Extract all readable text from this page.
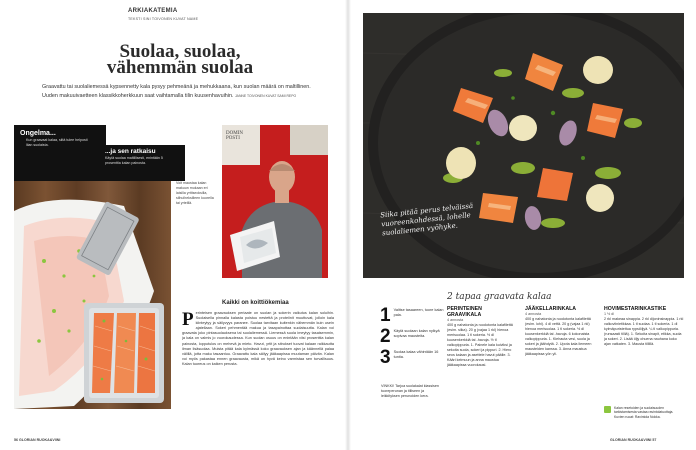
ARKIAKATEMIA
TEKSTI SINI TOIVONEN KUVAT NAME
Suolaa, suolaa,
vähemmän suolaa
Graavattu tai suolaliemessä kypsennetty kala pysyy pehmeänä ja mehukkaana, kun suolan määrä on maltillinen.
Uuden makuuivaetteen klassikkoherkkuun saat vaihtamalla tilin kuusenhavuihin. JANNE TOIVONEN KUVAT SAMI REPO
Ongelma...
Kun graavaat kalaa, siitä tulee helposti liian suolaista.
...ja sen ratkaisu
Käytä suolaa maltillisesti, enintään 5 prosenttia kalan painosta.
Voit maustaa kalan makuun mukaan eri laisilla yrttiseoksilla, siihuiheksilleen kuorella tai yrteillä.
DOMIN POSTI
Kaikki on koittiökemiaa
P erinteisen graavauksen periaate on suolan ja sokerin vaikutus kalan soluihin. Suolaisella pinnalla kalasta poistuu nestettä ja proteiinit muuttuvat, jolloin kala kiinteytyy ja säilyvyys paranee. Suolaa tarvitaan kuitenkin vähemmän kuin usein ajatellaan. Sokeri pehmentää makua ja tasapainottaa suolaisuutta. Kalan voi graavata joko pintasuolauksena tai suolaliemessä. Liemessä suola imeytyy tasaisemmin, ja kala on valmis jo vuorokaudessa. Kun suolan osuus on enintään viisi prosenttia kalan painosta, lopputulos on mehevä ja mieto. Havut, yrtit ja sitrukset tuovat kalaan raikkautta ilman lisäsuolaa. Muista pitää kala kylmässä koko graavauksen ajan ja käännellä palaa välillä, jotta maku tasaantuu. Graavattu kala säilyy jääkaapissa muutaman päivän. Kalan voi myös pakastaa ennen graavausta, mikä on hyvä keino varmistaa sen turvallisuus. Kalan tuoreus on kaiken perusta.
56 GLORIAN RUOKA&VIINI
Siika pitää perus telväissä vuoreenkohdessä, lohelle suolaliemen vyöhyke.
2 tapaa graavata kalaa
1 Valitse tasaareen, tuore kalan pala.
2 Käytä suolaan kalan nylkyä sopivaa mausteita.
3 Suolaa kalaa vähintään 16 tuntia.
VINKKI! Tarjoa suolakalat klassisen tuoreperunan ja tilliseen ja leikkityksen perunoiden kera.
PERINTEINEN GRAAVIKALA
4 annosta
400 g nahatonta ja ruodotonta kalafilettä (esim. siika). 20 g (vajaa 1 rkl) hienoa merisuolaa. 1 tl sokeria. ½ dl kuusenkerkkiä tai -havuja. ½ tl valkopippuria. 1. Painele kala kuiviksi ja sekoita suola, sokeri ja pippuri. 2. Hiero seos kalaan ja asettele havut päälle. 3. Kääri kelmuun ja anna maustua jääkaapissa vuorokausi.
JÄÄKELLARINKALA
4 annosta
400 g nahatonta ja ruodotonta kalafilettä (esim. lohi). 4 dl vettä. 20 g (vajaa 1 rkl) hienoa merisuolaa. 1 tl sokeria. ½ dl kuusenkerkkiä tai -havuja. 6 kokonaista valkopippuria. 1. Kiehauta vesi, suola ja sokeri ja jäähdytä. 2. Upota kala liemeen mausteiden kanssa. 3. Anna maustua jääkaapissa yön yli.
HOVIMESTARINKASTIKE
1 ½ dl
2 rkl makeaa sinappia. 2 rkl dijoninsinappia. 1 rkl valkoviinietikkaa. 1 tl suolaa. 1 tl sokeria. 1 dl kylmäpuristettua rypsiöljyä. ¼ tl valkopippuria. (runsaasti tilliä). 1. Sekoita sinapit, etikka, suola ja sokeri. 2. Lisää öljy ohuena nauhana koko ajan vatkaten. 3. Mausta tillillä.
Kalan resetoiden ja suolaisuuden tarkistamisesta vastaa ravintolatuottaja. Kuvien ruoat: Ravintola Nokka.
GLORIAN RUOKA&VIINI 57
